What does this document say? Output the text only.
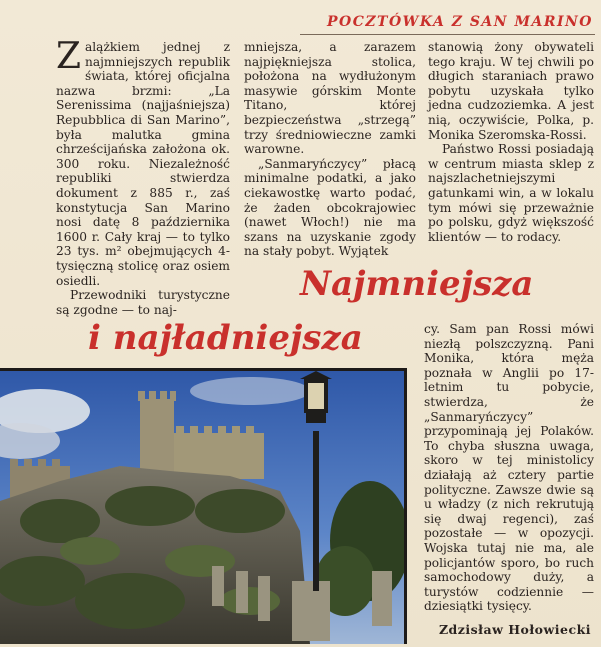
POCZTÓWKA Z SAN MARINO

Zalążkiem jednej z najmniejszych republik świata, której oficjalna nazwa brzmi: „La Serenissima (najjaśniejsza) Repubblica di San Marino”, była malutka gmina chrześcijańska założona ok. 300 roku. Niezależność republiki stwierdza dokument z 885 r., zaś konstytucja San Marino nosi datę 8 października 1600 r. Cały kraj — to tylko 23 tys. m² obejmujących 4-tysięczną stolicę oraz osiem osiedli.

Przewodniki turystyczne są zgodne — to naj-

mniejsza, a zarazem najpiękniejsza stolica, położona na wydłużonym masywie górskim Monte Titano, której bezpieczeństwa „strzegą” trzy średniowieczne zamki warowne.

„Sanmaryńczycy” płacą minimalne podatki, a jako ciekawostkę warto podać, że żaden obcokrajowiec (nawet Włoch!) nie ma szans na uzyskanie zgody na stały pobyt. Wyjątek

stanowią żony obywateli tego kraju. W tej chwili po długich staraniach prawo pobytu uzyskała tylko jedna cudzoziemka. A jest nią, oczywiście, Polka, p. Monika Szeromska-Rossi.

Państwo Rossi posiadają w centrum miasta sklep z najszlachetniejszymi gatunkami win, a w lokalu tym mówi się przeważnie po polsku, gdyż większość klientów — to rodacy.

Najmniejsza
i najładniejsza	cy. Sam pan Rossi mówi niezłą polszczyzną. Pani Monika, która męża poznała w Anglii po 17-letnim tu pobycie, stwierdza, że „Sanmaryńczycy” przypominają jej Polaków. To chyba słuszna uwaga, skoro w tej ministolicy działają aż cztery partie polityczne. Zawsze dwie są u władzy (z nich rekrutują się dwaj regenci), zaś pozostałe — w opozycji. Wojska tutaj nie ma, ale policjantów sporo, bo ruch samochodowy duży, a turystów codziennie — dziesiątki tysięcy.

Zdzisław Hołowiecki
